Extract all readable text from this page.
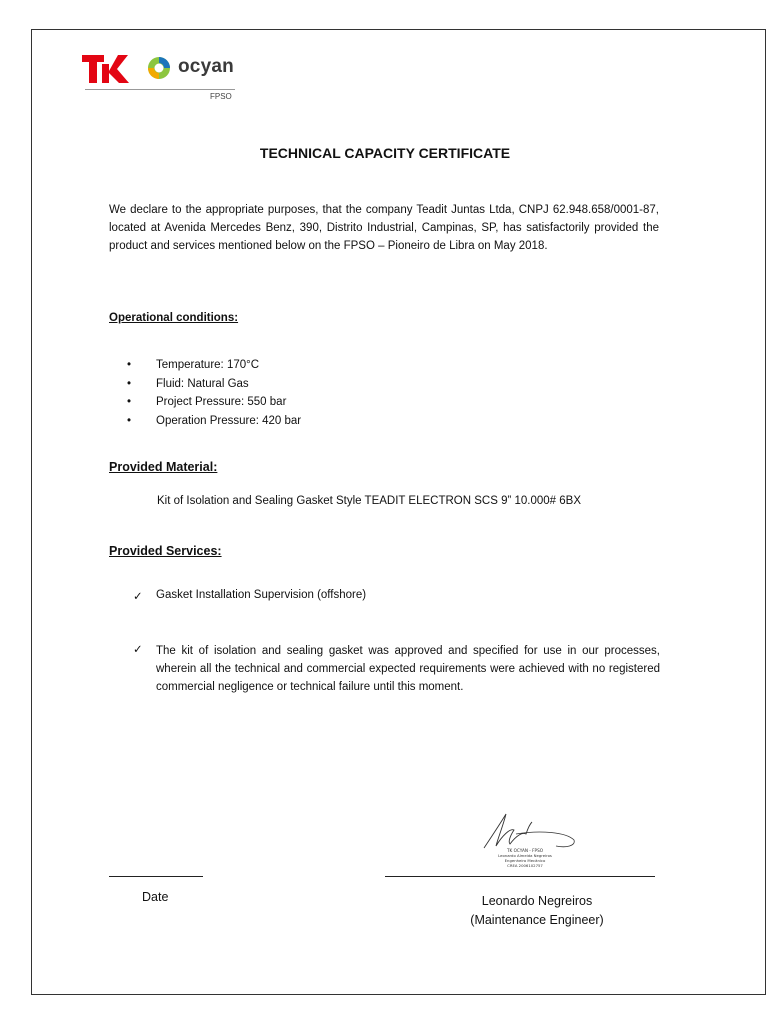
ocyan
FPSO
TECHNICAL CAPACITY CERTIFICATE
We declare to the appropriate purposes, that the company Teadit Juntas Ltda, CNPJ 62.948.658/0001-87, located at Avenida Mercedes Benz, 390, Distrito Industrial, Campinas, SP, has satisfactorily provided the product and services mentioned below on the FPSO – Pioneiro de Libra on May 2018.
Operational conditions:
• Temperature: 170°C
• Fluid: Natural Gas
• Project Pressure: 550 bar
• Operation Pressure: 420 bar
Provided Material:
Kit of Isolation and Sealing Gasket Style TEADIT ELECTRON SCS 9” 10.000# 6BX
Provided Services:
✓ Gasket Installation Supervision (offshore)
✓ The kit of isolation and sealing gasket was approved and specified for use in our processes, wherein all the technical and commercial expected requirements were achieved with no registered commercial negligence or technical failure until this moment.
TK OCYAN - FPSO
Leonardo Almeida Negreiros
Engenheiro Mecânico
CREA 2006102757
Date	Leonardo Negreiros
(Maintenance Engineer)
